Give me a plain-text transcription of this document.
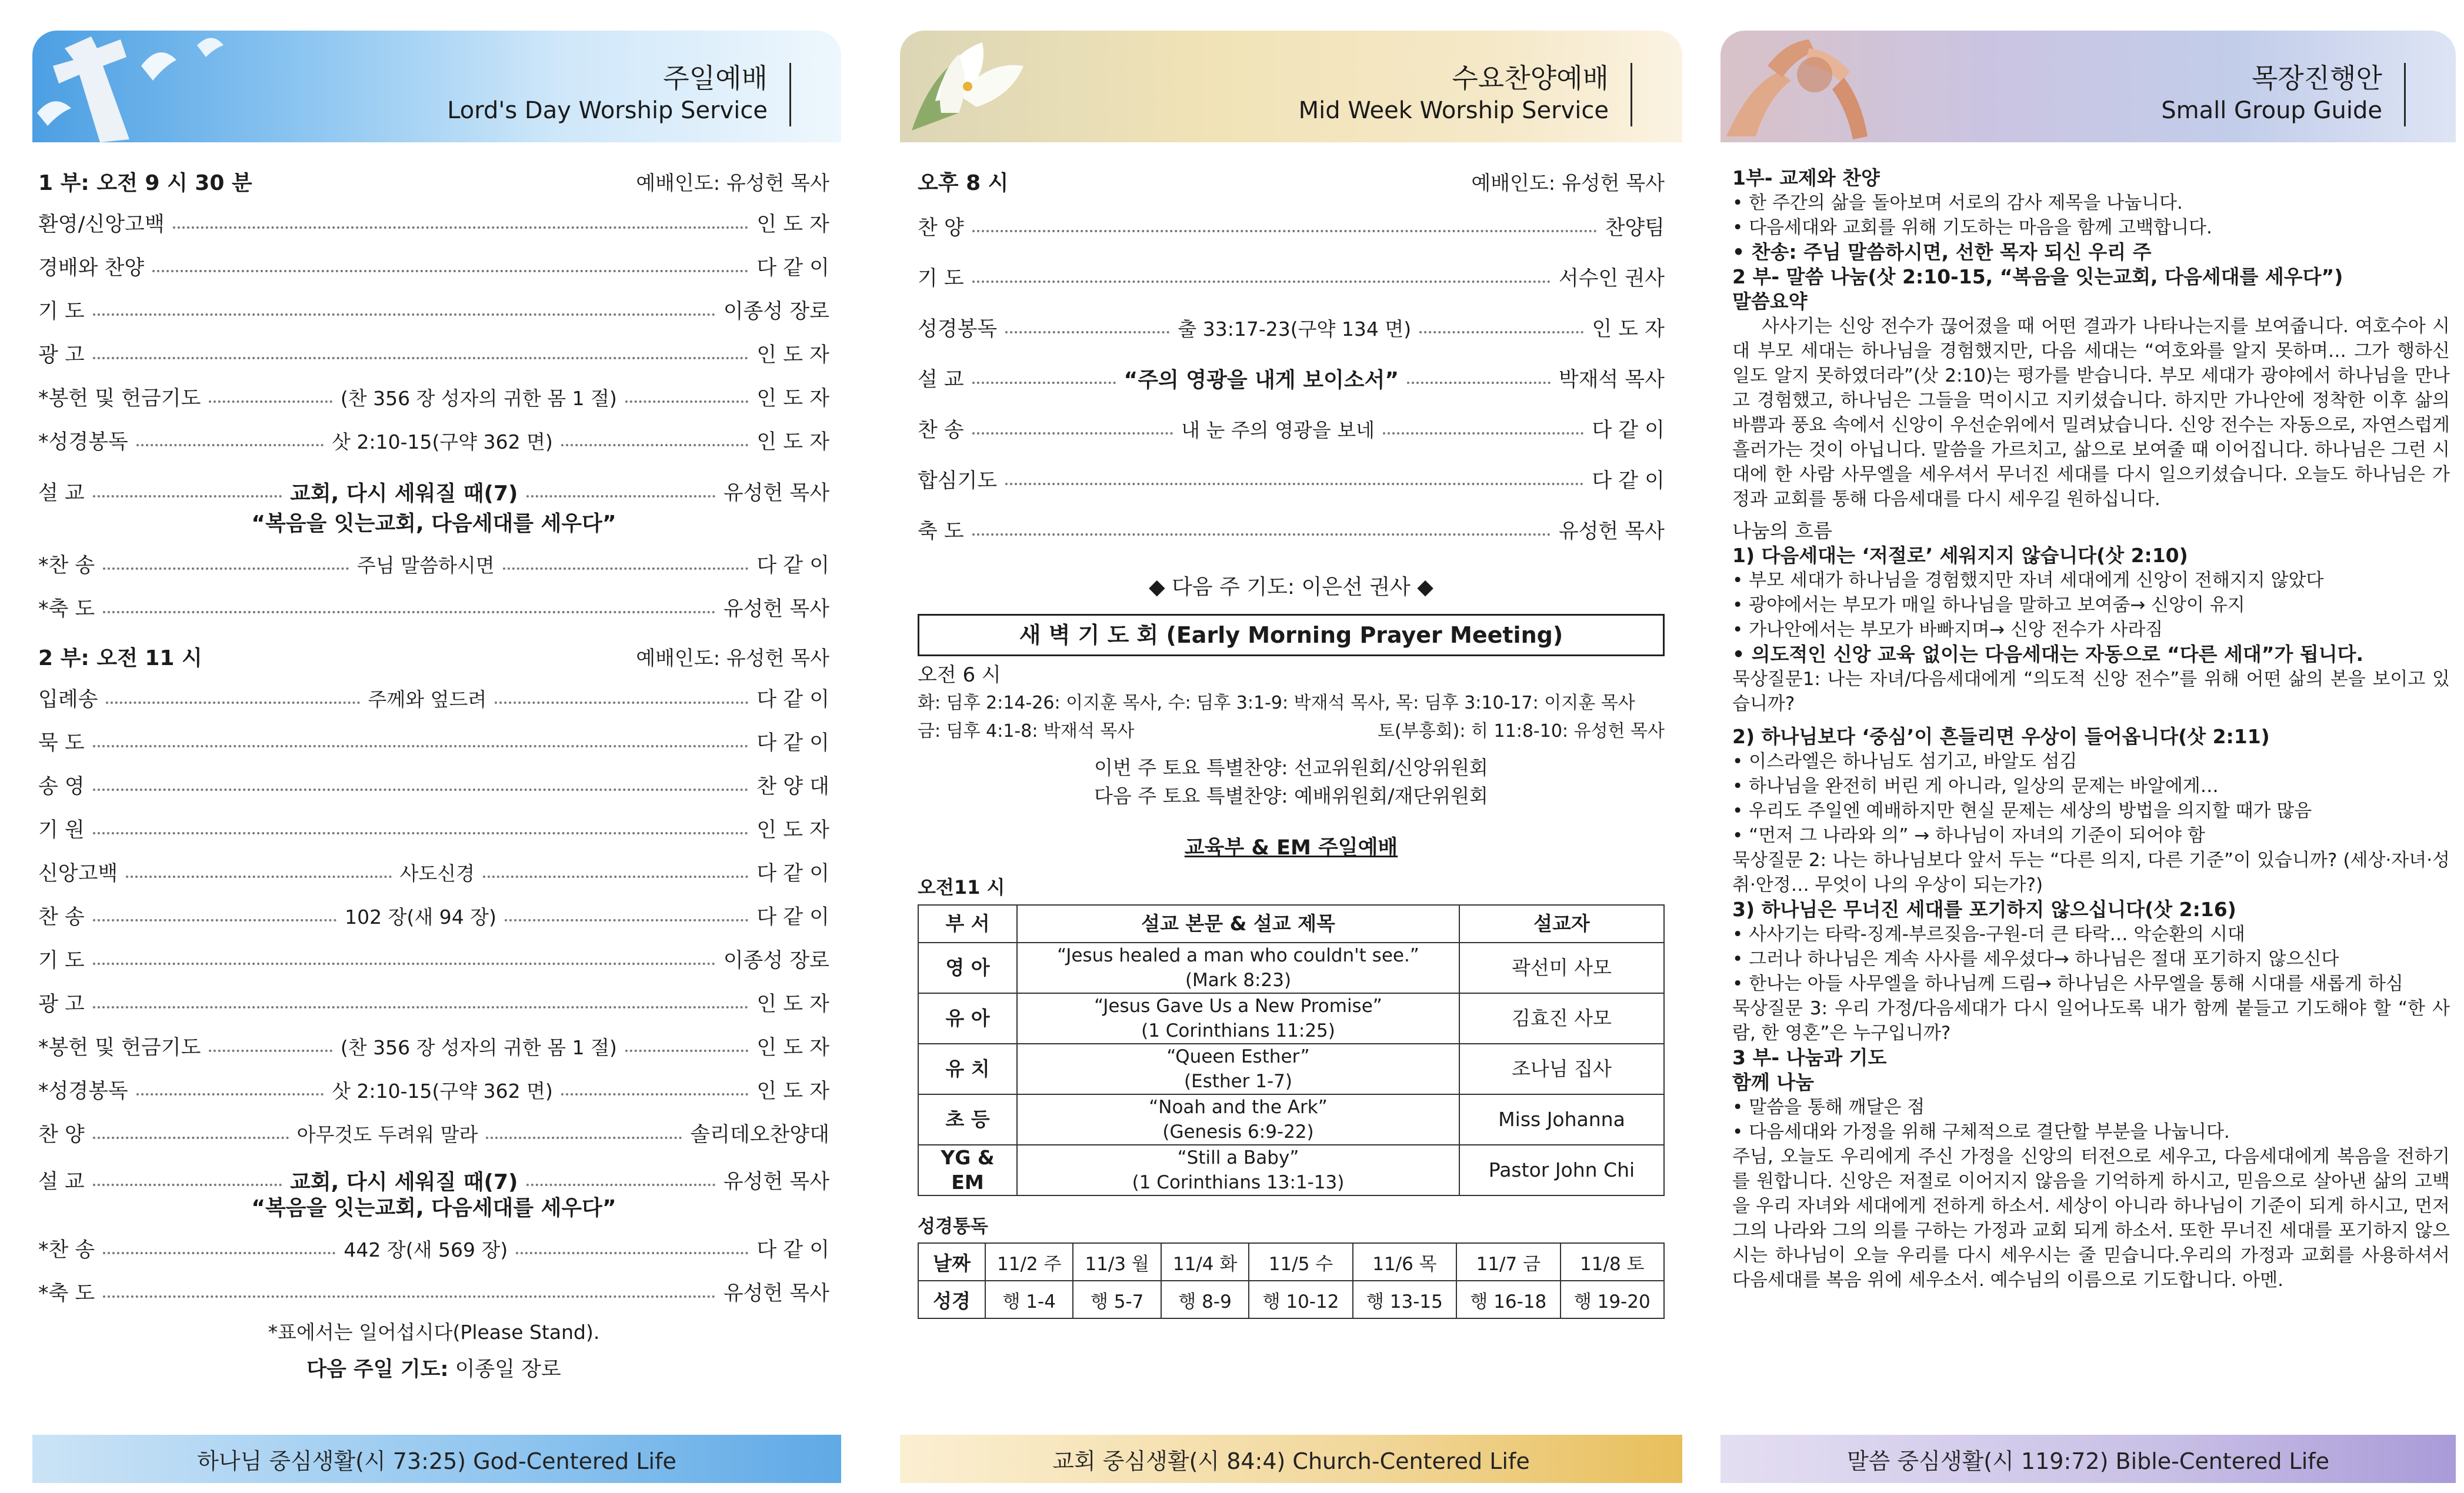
주일예배
Lord's Day Worship Service
1 부: 오전 9 시 30 분	예배인도: 유성헌 목사
환영/신앙고백	인 도 자
경배와 찬양	다 같 이
기 도	이종성 장로
광 고	인 도 자
*봉헌 및 헌금기도	(찬 356 장 성자의 귀한 몸 1 절)	인 도 자
*성경봉독	삿 2:10-15(구약 362 면)	인 도 자
설 교	교회, 다시 세워질 때(7)	유성헌 목사
“복음을 잇는교회, 다음세대를 세우다”
*찬 송	주님 말씀하시면	다 같 이
*축 도	유성헌 목사
2 부: 오전 11 시	예배인도: 유성헌 목사
입례송	주께와 엎드려	다 같 이
묵 도	다 같 이
송 영	찬 양 대
기 원	인 도 자
신앙고백	사도신경	다 같 이
찬 송	102 장(새 94 장)	다 같 이
기 도	이종성 장로
광 고	인 도 자
*봉헌 및 헌금기도	(찬 356 장 성자의 귀한 몸 1 절)	인 도 자
*성경봉독	삿 2:10-15(구약 362 면)	인 도 자
찬 양	아무것도 두려워 말라	솔리데오찬양대
설 교	교회, 다시 세워질 때(7)	유성헌 목사
“복음을 잇는교회, 다음세대를 세우다”
*찬 송	442 장(새 569 장)	다 같 이
*축 도	유성헌 목사
*표에서는 일어섭시다(Please Stand).
다음 주일 기도: 이종일 장로
하나님 중심생활(시 73:25) God-Centered Life
수요찬양예배
Mid Week Worship Service
오후 8 시	예배인도: 유성헌 목사
찬 양	찬양팀
기 도	서수인 권사
성경봉독	출 33:17-23(구약 134 면)	인 도 자
설 교	“주의 영광을 내게 보이소서”	박재석 목사
찬 송	내 눈 주의 영광을 보네	다 같 이
합심기도	다 같 이
축 도	유성헌 목사
◆ 다음 주 기도: 이은선 권사 ◆
새 벽 기 도 회 (Early Morning Prayer Meeting)
오전 6 시
화: 딤후 2:14-26: 이지훈 목사, 수: 딤후 3:1-9: 박재석 목사, 목: 딤후 3:10-17: 이지훈 목사
금: 딤후 4:1-8: 박재석 목사	토(부흥회): 히 11:8-10: 유성헌 목사
이번 주 토요 특별찬양: 선교위원회/신앙위원회
다음 주 토요 특별찬양: 예배위원회/재단위원회
교육부 & EM 주일예배
오전11 시
부 서	설교 본문 & 설교 제목	설교자
영 아	“Jesus healed a man who couldn't see.”
(Mark 8:23)	곽선미 사모
유 아	“Jesus Gave Us a New Promise”
(1 Corinthians 11:25)	김효진 사모
유 치	“Queen Esther”
(Esther 1-7)	조나님 집사
초 등	“Noah and the Ark”
(Genesis 6:9-22)	Miss Johanna
YG & EM	“Still a Baby”
(1 Corinthians 13:1-13)	Pastor John Chi
성경통독
날짜	11/2 주	11/3 월	11/4 화	11/5 수	11/6 목	11/7 금	11/8 토
성경	행 1-4	행 5-7	행 8-9	행 10-12	행 13-15	행 16-18	행 19-20
교회 중심생활(시 84:4) Church-Centered Life
목장진행안
Small Group Guide

1부- 교제와 찬양

• 한 주간의 삶을 돌아보며 서로의 감사 제목을 나눕니다.

• 다음세대와 교회를 위해 기도하는 마음을 함께 고백합니다.

• 찬송: 주님 말씀하시면, 선한 목자 되신 우리 주

2 부- 말씀 나눔(삿 2:10-15, “복음을 잇는교회, 다음세대를 세우다”)

말씀요약

사사기는 신앙 전수가 끊어졌을 때 어떤 결과가 나타나는지를 보여줍니다. 여호수아 시대 부모 세대는 하나님을 경험했지만, 다음 세대는 “여호와를 알지 못하며… 그가 행하신 일도 알지 못하였더라”(삿 2:10)는 평가를 받습니다. 부모 세대가 광야에서 하나님을 만나고 경험했고, 하나님은 그들을 먹이시고 지키셨습니다. 하지만 가나안에 정착한 이후 삶의 바쁨과 풍요 속에서 신앙이 우선순위에서 밀려났습니다. 신앙 전수는 자동으로, 자연스럽게 흘러가는 것이 아닙니다. 말씀을 가르치고, 삶으로 보여줄 때 이어집니다. 하나님은 그런 시대에 한 사람 사무엘을 세우셔서 무너진 세대를 다시 일으키셨습니다. 오늘도 하나님은 가정과 교회를 통해 다음세대를 다시 세우길 원하십니다.

나눔의 흐름

1) 다음세대는 ‘저절로’ 세워지지 않습니다(삿 2:10)

• 부모 세대가 하나님을 경험했지만 자녀 세대에게 신앙이 전해지지 않았다

• 광야에서는 부모가 매일 하나님을 말하고 보여줌→ 신앙이 유지

• 가나안에서는 부모가 바빠지며→ 신앙 전수가 사라짐

• 의도적인 신앙 교육 없이는 다음세대는 자동으로 “다른 세대”가 됩니다.

묵상질문1: 나는 자녀/다음세대에게 “의도적 신앙 전수”를 위해 어떤 삶의 본을 보이고 있습니까?

2) 하나님보다 ‘중심’이 흔들리면 우상이 들어옵니다(삿 2:11)

• 이스라엘은 하나님도 섬기고, 바알도 섬김

• 하나님을 완전히 버린 게 아니라, 일상의 문제는 바알에게…

• 우리도 주일엔 예배하지만 현실 문제는 세상의 방법을 의지할 때가 많음

• “먼저 그 나라와 의” → 하나님이 자녀의 기준이 되어야 함

묵상질문 2: 나는 하나님보다 앞서 두는 “다른 의지, 다른 기준”이 있습니까? (세상·자녀·성취·안정… 무엇이 나의 우상이 되는가?)

3) 하나님은 무너진 세대를 포기하지 않으십니다(삿 2:16)

• 사사기는 타락-징계-부르짖음-구원-더 큰 타락… 악순환의 시대

• 그러나 하나님은 계속 사사를 세우셨다→ 하나님은 절대 포기하지 않으신다

• 한나는 아들 사무엘을 하나님께 드림→ 하나님은 사무엘을 통해 시대를 새롭게 하심

묵상질문 3: 우리 가정/다음세대가 다시 일어나도록 내가 함께 붙들고 기도해야 할 “한 사람, 한 영혼”은 누구입니까?

3 부- 나눔과 기도

함께 나눔

• 말씀을 통해 깨달은 점

• 다음세대와 가정을 위해 구체적으로 결단할 부분을 나눕니다.

주님, 오늘도 우리에게 주신 가정을 신앙의 터전으로 세우고, 다음세대에게 복음을 전하기를 원합니다. 신앙은 저절로 이어지지 않음을 기억하게 하시고, 믿음으로 살아낸 삶의 고백을 우리 자녀와 세대에게 전하게 하소서. 세상이 아니라 하나님이 기준이 되게 하시고, 먼저 그의 나라와 그의 의를 구하는 가정과 교회 되게 하소서. 또한 무너진 세대를 포기하지 않으시는 하나님이 오늘 우리를 다시 세우시는 줄 믿습니다.우리의 가정과 교회를 사용하셔서 다음세대를 복음 위에 세우소서. 예수님의 이름으로 기도합니다. 아멘.

말씀 중심생활(시 119:72) Bible-Centered Life
